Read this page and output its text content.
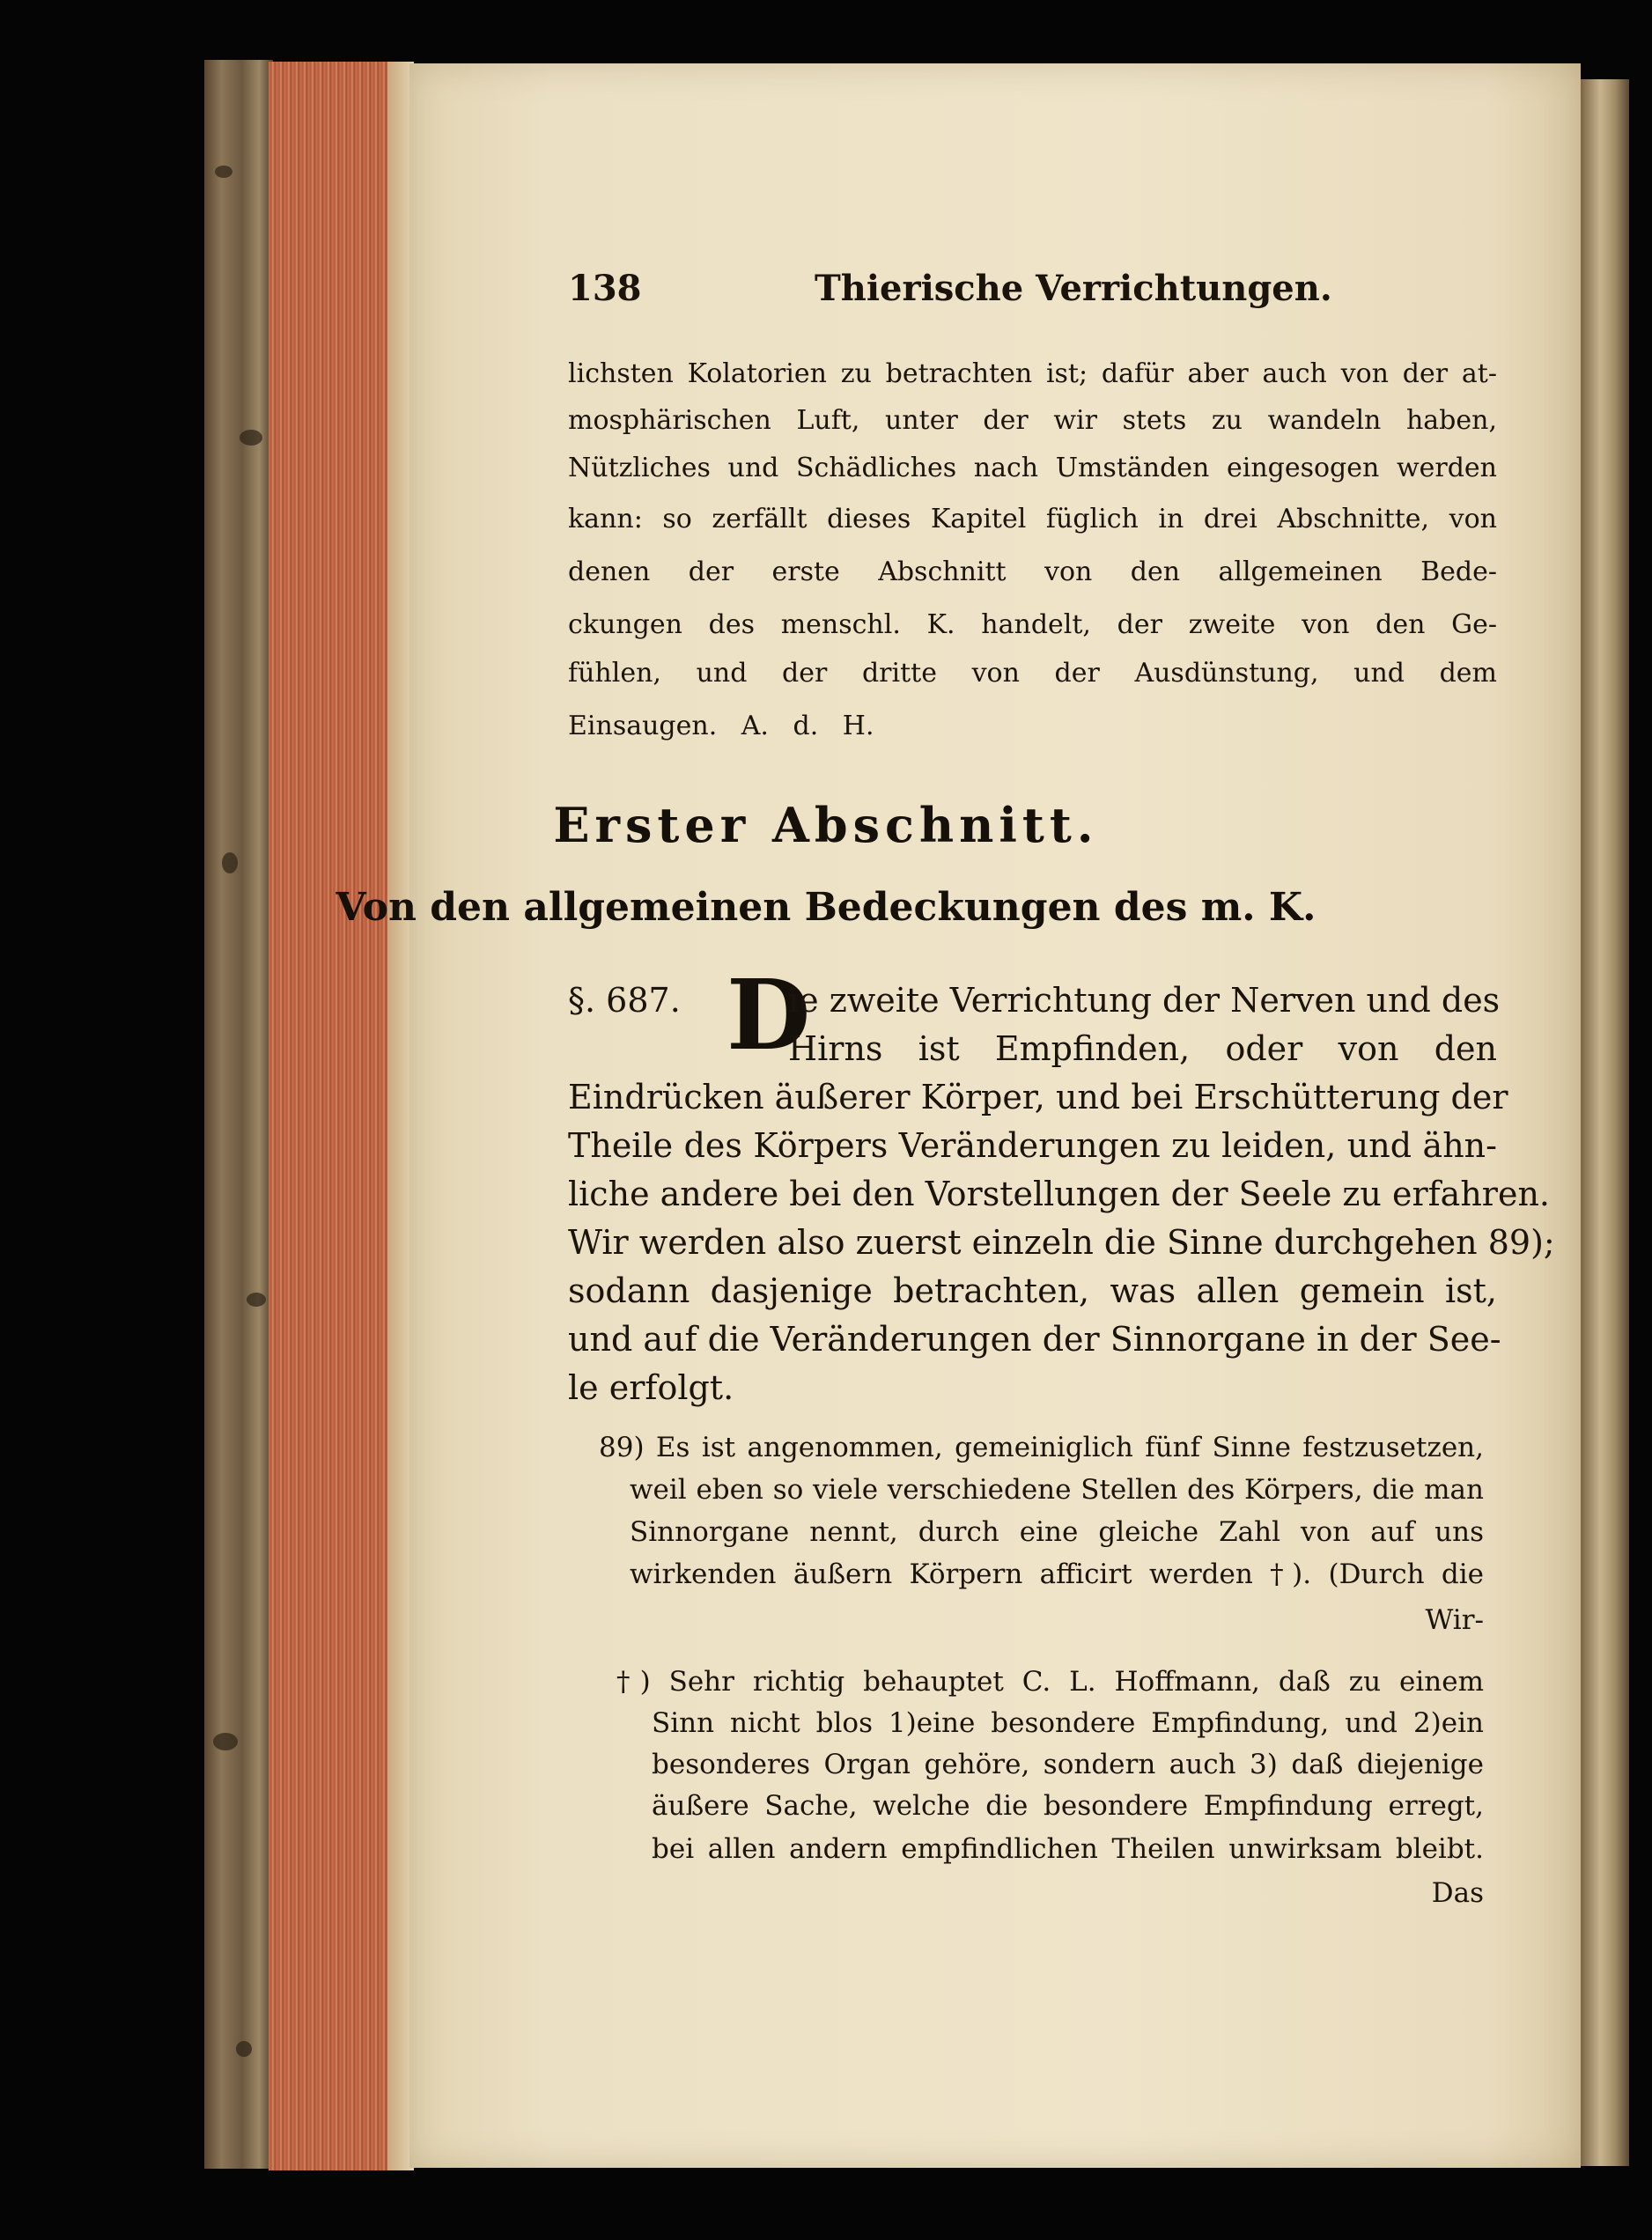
138	Thierische Verrichtungen.
lichsten Kolatorien zu betrachten ist; dafür aber auch von der at-
mosphärischen Luft, unter der wir stets zu wandeln haben,
Nützliches und Schädliches nach Umständen eingesogen werden
kann: so zerfällt dieses Kapitel füglich in drei Abschnitte, von
denen der erste Abschnitt von den allgemeinen Bede-
ckungen des menschl. K. handelt, der zweite von den Ge-
fühlen, und der dritte von der Ausdünstung, und dem
Einsaugen. A. d. H.
Erster Abschnitt.
Von den allgemeinen Bedeckungen des m. K.
§. 687. D
ie zweite Verrichtung der Nerven und des
Hirns ist Empfinden, oder von den
Eindrücken äußerer Körper, und bei Erschütterung der
Theile des Körpers Veränderungen zu leiden, und ähn-
liche andere bei den Vorstellungen der Seele zu erfahren.
Wir werden also zuerst einzeln die Sinne durchgehen 89);
sodann dasjenige betrachten, was allen gemein ist,
und auf die Veränderungen der Sinnorgane in der See-
le erfolgt.
89) Es ist angenommen, gemeiniglich fünf Sinne festzusetzen,
weil eben so viele verschiedene Stellen des Körpers, die man
Sinnorgane nennt, durch eine gleiche Zahl von auf uns
wirkenden äußern Körpern afficirt werden †). (Durch die
Wir-
†) Sehr richtig behauptet C. L. Hoffmann, daß zu einem
Sinn nicht blos 1)eine besondere Empfindung, und 2)ein
besonderes Organ gehöre, sondern auch 3) daß diejenige
äußere Sache, welche die besondere Empfindung erregt,
bei allen andern empfindlichen Theilen unwirksam bleibt.
Das
